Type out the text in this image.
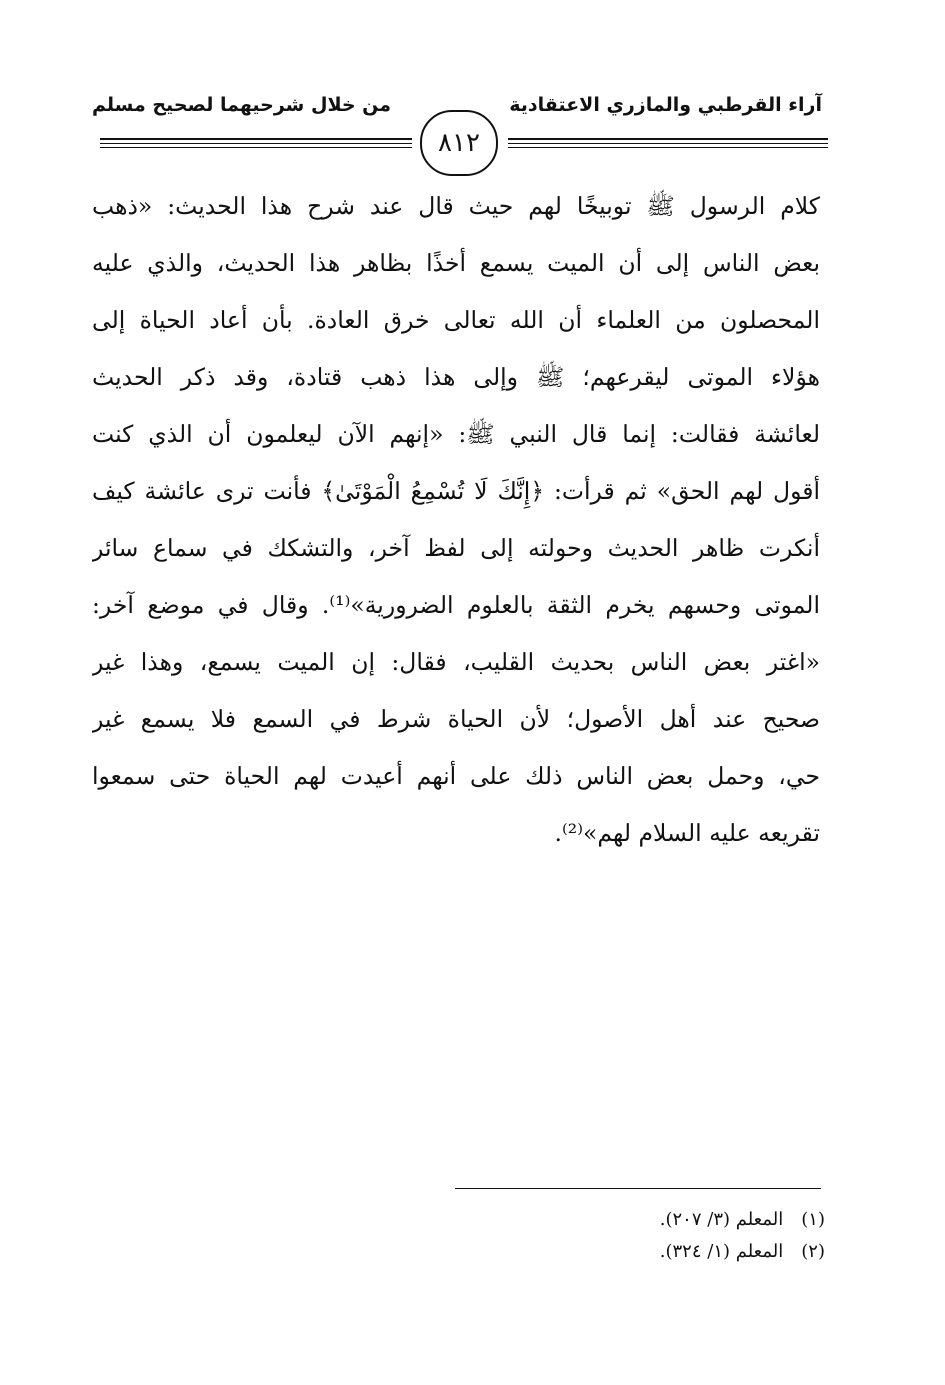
آراء القرطبي والمازري الاعتقادية
من خلال شرحيهما لصحيح مسلم
٨١٢
كلام الرسول ﷺ توبيخًا لهم حيث قال عند شرح هذا الحديث: «ذهب
بعض الناس إلى أن الميت يسمع أخذًا بظاهر هذا الحديث، والذي عليه
المحصلون من العلماء أن الله تعالى خرق العادة. بأن أعاد الحياة إلى
هؤلاء الموتى ليقرعهم؛ ﷺ وإلى هذا ذهب قتادة، وقد ذكر الحديث
لعائشة فقالت: إنما قال النبي ﷺ: «إنهم الآن ليعلمون أن الذي كنت
أقول لهم الحق» ثم قرأت: ﴿إِنَّكَ لَا تُسْمِعُ الْمَوْتَىٰ﴾ فأنت ترى عائشة كيف
أنكرت ظاهر الحديث وحولته إلى لفظ آخر، والتشكك في سماع سائر
الموتى وحسهم يخرم الثقة بالعلوم الضرورية»⁽¹⁾. وقال في موضع آخر:
«اغتر بعض الناس بحديث القليب، فقال: إن الميت يسمع، وهذا غير
صحيح عند أهل الأصول؛ لأن الحياة شرط في السمع فلا يسمع غير
حي، وحمل بعض الناس ذلك على أنهم أعيدت لهم الحياة حتى سمعوا
تقريعه عليه السلام لهم»⁽²⁾.
(١)المعلم (٣/ ٢٠٧).
(٢)المعلم (١/ ٣٢٤).
